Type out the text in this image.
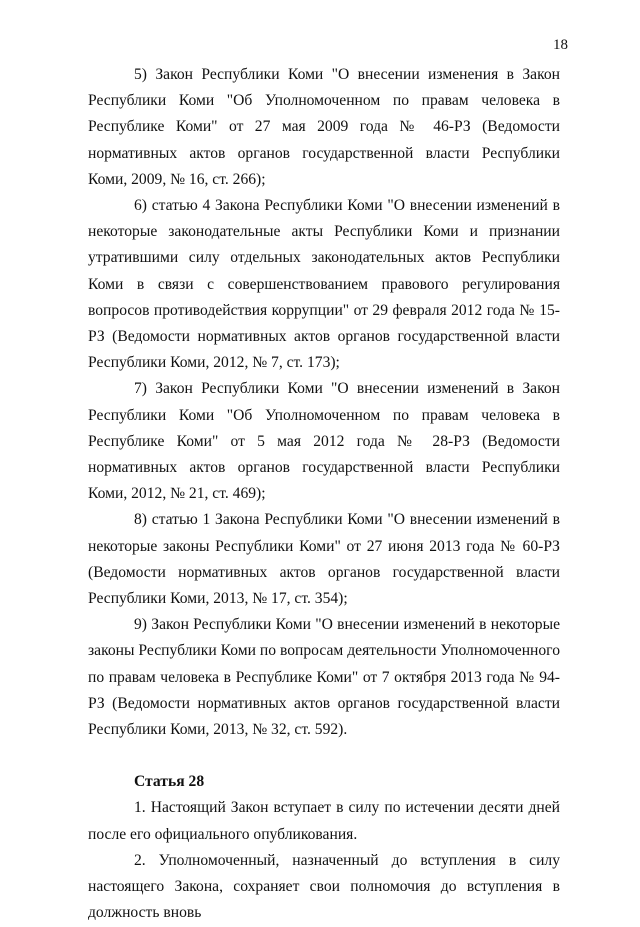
18

5) Закон Республики Коми "О внесении изменения в Закон Республики Коми "Об Уполномоченном по правам человека в Республике Коми" от 27 мая 2009 года № 46-РЗ (Ведомости нормативных актов органов государственной власти Республики Коми, 2009, № 16, ст. 266);

6) статью 4 Закона Республики Коми "О внесении изменений в некоторые законодательные акты Республики Коми и признании утратившими силу отдельных законодательных актов Республики Коми в связи с совершенствованием правового регулирования вопросов противодействия коррупции" от 29 февраля 2012 года № 15-РЗ (Ведомости нормативных актов органов государственной власти Республики Коми, 2012, № 7, ст. 173);

7) Закон Республики Коми "О внесении изменений в Закон Республики Коми "Об Уполномоченном по правам человека в Республике Коми" от 5 мая 2012 года № 28-РЗ (Ведомости нормативных актов органов государственной власти Республики Коми, 2012, № 21, ст. 469);

8) статью 1 Закона Республики Коми "О внесении изменений в некоторые законы Республики Коми" от 27 июня 2013 года № 60-РЗ (Ведомости нормативных актов органов государственной власти Республики Коми, 2013, № 17, ст. 354);

9) Закон Республики Коми "О внесении изменений в некоторые законы Республики Коми по вопросам деятельности Уполномоченного по правам человека в Республике Коми" от 7 октября 2013 года № 94-РЗ (Ведомости нормативных актов органов государственной власти Республики Коми, 2013, № 32, ст. 592).

Статья 28

1. Настоящий Закон вступает в силу по истечении десяти дней после его официального опубликования.

2. Уполномоченный, назначенный до вступления в силу настоящего Закона, сохраняет свои полномочия до вступления в должность вновь
